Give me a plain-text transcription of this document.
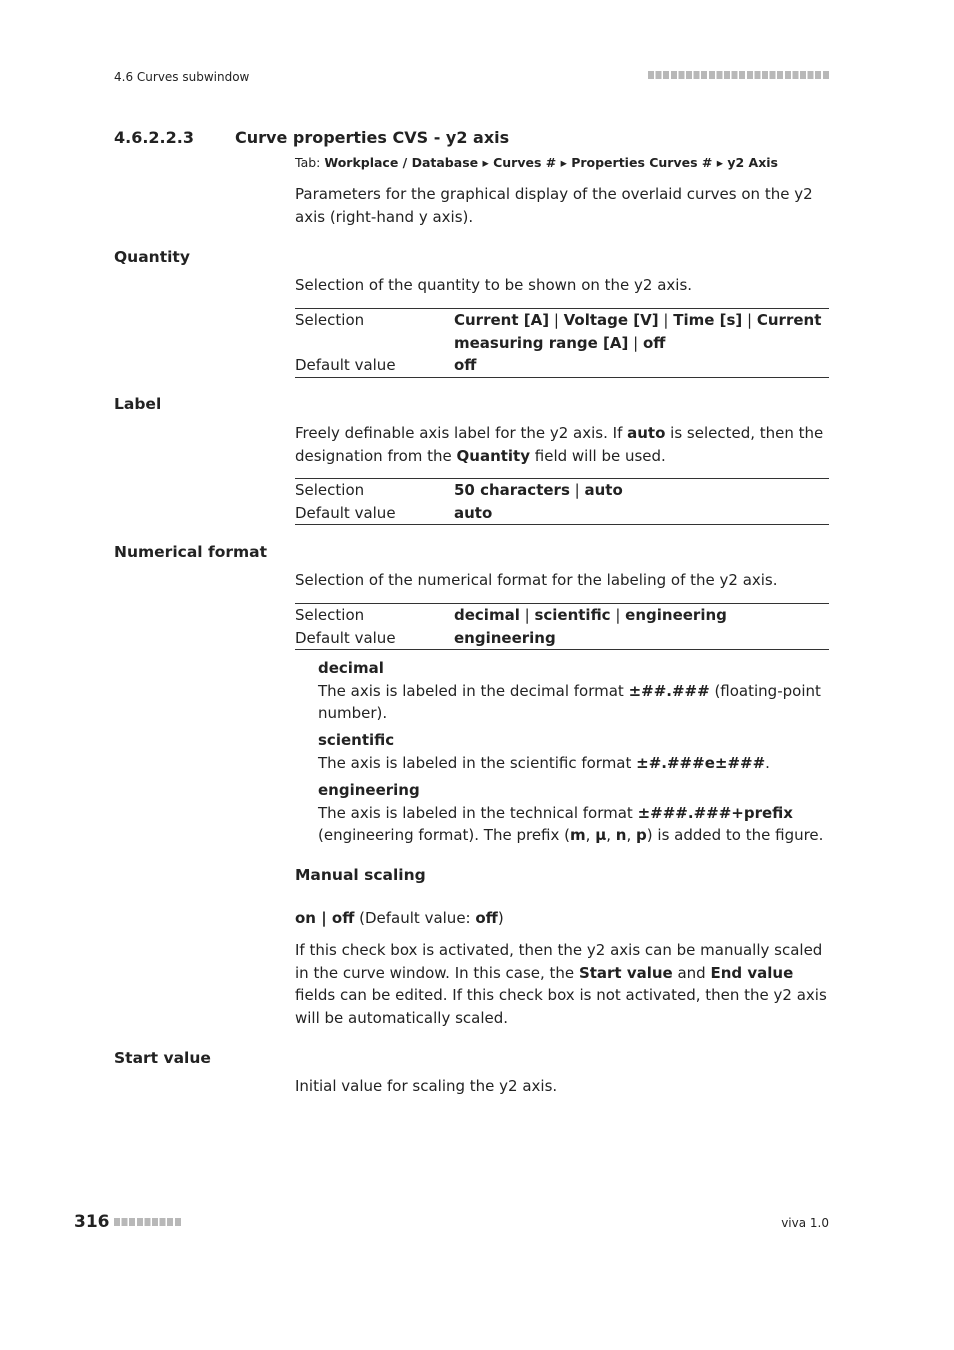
4.6 Curves subwindow
4.6.2.2.3	Curve properties CVS - y2 axis
Tab: Workplace / Database ▸ Curves # ▸ Properties Curves # ▸ y2 Axis
Parameters for the graphical display of the overlaid curves on the y2 axis (right-hand y axis).
Quantity
Selection of the quantity to be shown on the y2 axis.
Selection	Current [A] | Voltage [V] | Time [s] | Current measuring range [A] | off
Default value	off
Label
Freely definable axis label for the y2 axis. If auto is selected, then the designation from the Quantity field will be used.
Selection	50 characters | auto
Default value	auto
Numerical format
Selection of the numerical format for the labeling of the y2 axis.
Selection	decimal | scientific | engineering
Default value	engineering
decimal
The axis is labeled in the decimal format ±##.### (floating-point number).
scientific
The axis is labeled in the scientific format ±#.###e±###.
engineering
The axis is labeled in the technical format ±###.###+prefix (engineering format). The prefix (m, µ, n, p) is added to the figure.
Manual scaling
on | off (Default value: off)
If this check box is activated, then the y2 axis can be manually scaled in the curve window. In this case, the Start value and End value fields can be edited. If this check box is not activated, then the y2 axis will be automatically scaled.
Start value
Initial value for scaling the y2 axis.
316	viva 1.0
